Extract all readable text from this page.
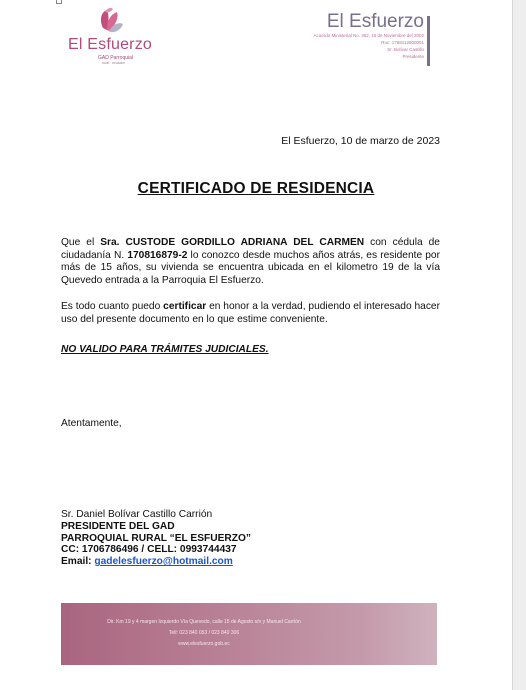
El Esfuerzo
GAD Parroquial
rural · ecuador
El Esfuerzo
Acuerdo Ministerial No. 352, 15 de Noviembre del 2002
Ruc: 1768112800001
Sr. Bolívar Castillo
Presidente
El Esfuerzo, 10 de marzo de 2023
CERTIFICADO DE RESIDENCIA
Que el Sra. CUSTODE GORDILLO ADRIANA DEL CARMEN con cédula de ciudadanía N. 170816879-2 lo conozco desde muchos años atrás, es residente por más de 15 años, su vivienda se encuentra ubicada en el kilometro 19 de la vía Quevedo entrada a la Parroquia El Esfuerzo.
Es todo cuanto puedo certificar en honor a la verdad, pudiendo el interesado hacer uso del presente documento en lo que estime conveniente.
NO VALIDO PARA TRÁMITES JUDICIALES.
Atentamente,
Sr. Daniel Bolívar Castillo Carrión
PRESIDENTE DEL GAD
PARROQUIAL RURAL “EL ESFUERZO”
CC: 1706786496 / CELL: 0993744437
Email: gadelesfuerzo@hotmail.com
Dir. Km 19 y 4 margen Izquierdo Vía Quevedo, calle 15 de Agosto s/n y Manuel Carrión
Telf: 023 840 053 / 023 840 306
www.elesfuerzo.gob.ec
